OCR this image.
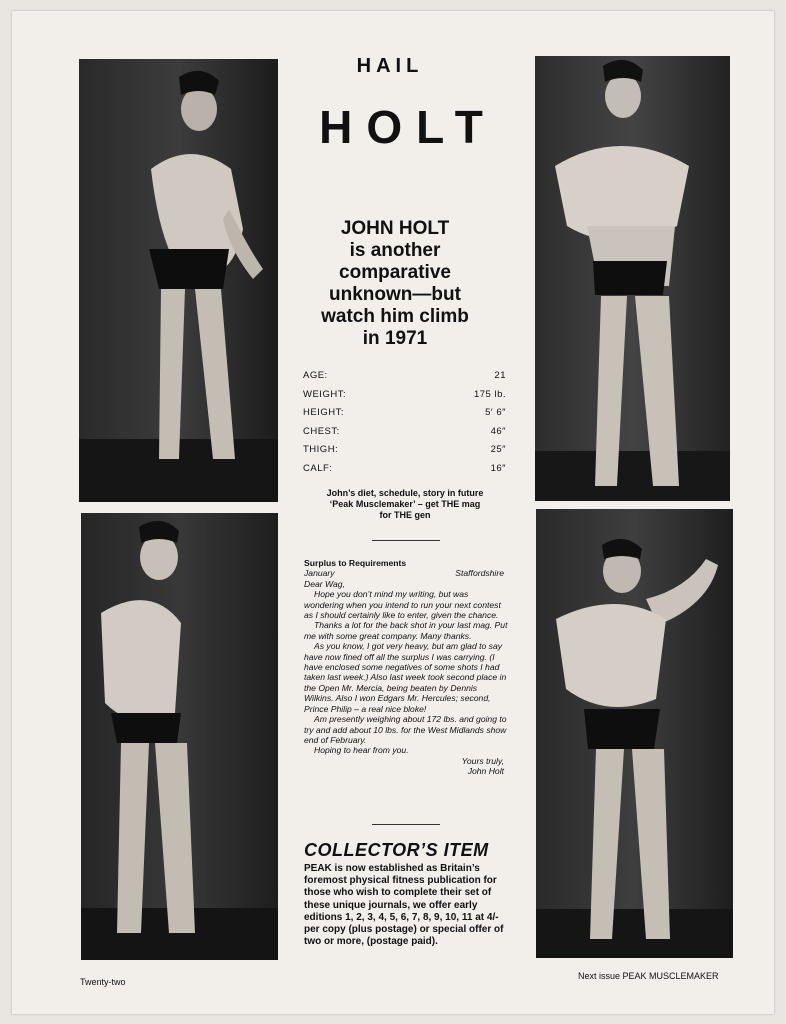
HAIL
HOLT
JOHN HOLT
is another
comparative
unknown—but
watch him climb
in 1971
AGE:	21
WEIGHT:	175 lb.
HEIGHT:	5′ 6″
CHEST:	46″
THIGH:	25″
CALF:	16″
John’s diet, schedule, story in future
‘Peak Musclemaker’ – get THE mag
for THE gen
Surplus to Requirements
January	Staffordshire

Dear Wag,

Hope you don’t mind my writing, but was wondering when you intend to run your next contest as I should certainly like to enter, given the chance.

Thanks a lot for the back shot in your last mag. Put me with some great company. Many thanks.

As you know, I got very heavy, but am glad to say have now fined off all the surplus I was carrying. (I have enclosed some negatives of some shots I had taken last week.) Also last week took second place in the Open Mr. Mercia, being beaten by Dennis Wilkins. Also I won Edgars Mr. Hercules; second, Prince Philip – a real nice bloke!

Am presently weighing about 172 lbs. and going to try and add about 10 lbs. for the West Midlands show end of February.

Hoping to hear from you.

Yours truly,

John Holt

COLLECTOR’S ITEM
PEAK is now established as Britain’s foremost physical fitness publication for those who wish to complete their set of these unique journals, we offer early editions 1, 2, 3, 4, 5, 6, 7, 8, 9, 10, 11 at 4/- per copy (plus postage) or special offer of two or more, (postage paid).
Twenty-two
Next issue PEAK MUSCLEMAKER
